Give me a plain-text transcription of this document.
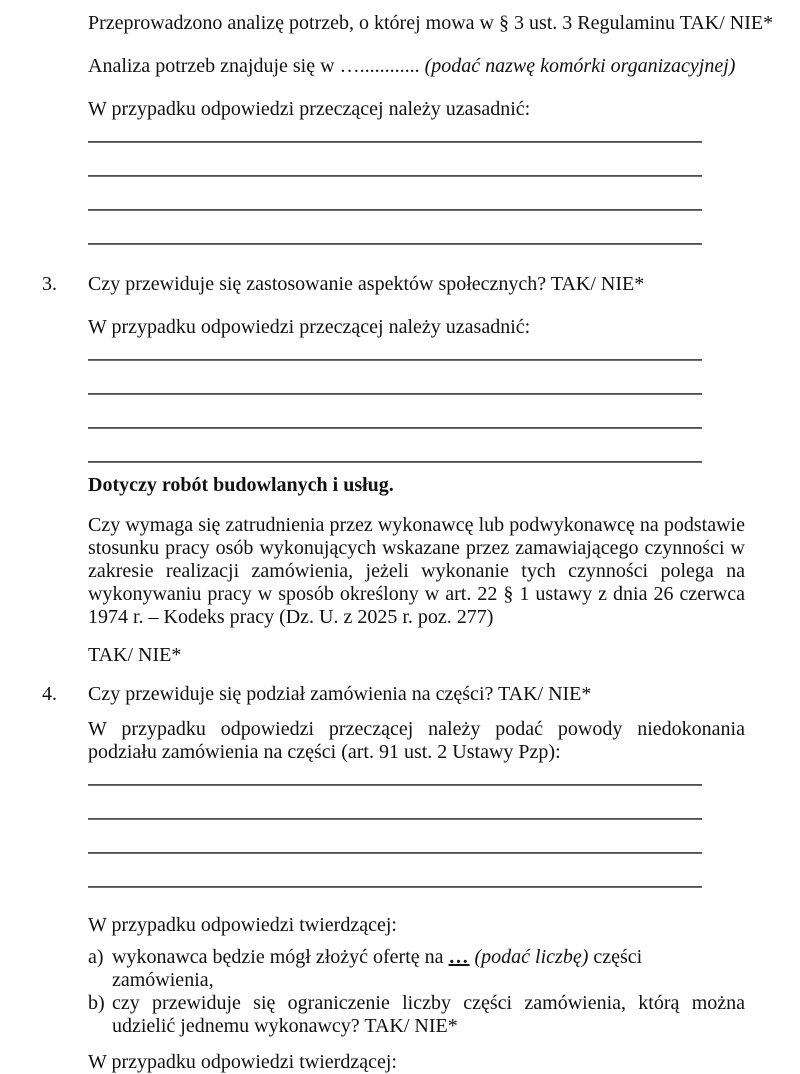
Przeprowadzono analizę potrzeb, o której mowa w § 3 ust. 3 Regulaminu TAK/ NIE*

Analiza potrzeb znajduje się w …............ (podać nazwę komórki organizacyjnej)

W przypadku odpowiedzi przeczącej należy uzasadnić:

3. Czy przewiduje się zastosowanie aspektów społecznych? TAK/ NIE*

W przypadku odpowiedzi przeczącej należy uzasadnić:

Dotyczy robót budowlanych i usług.

Czy wymaga się zatrudnienia przez wykonawcę lub podwykonawcę na podstawie stosunku pracy osób wykonujących wskazane przez zamawiającego czynności w zakresie realizacji zamówienia, jeżeli wykonanie tych czynności polega na wykonywaniu pracy w sposób określony w art. 22 § 1 ustawy z dnia 26 czerwca 1974 r. – Kodeks pracy (Dz. U. z 2025 r. poz. 277)

TAK/ NIE*

4. Czy przewiduje się podział zamówienia na części? TAK/ NIE*

W przypadku odpowiedzi przeczącej należy podać powody niedokonania podziału zamówienia na części (art. 91 ust. 2 Ustawy Pzp):

W przypadku odpowiedzi twierdzącej:

a) wykonawca będzie mógł złożyć ofertę na … (podać liczbę) części zamówienia,

b) czy przewiduje się ograniczenie liczby części zamówienia, którą można udzielić jednemu wykonawcy? TAK/ NIE*

W przypadku odpowiedzi twierdzącej:
